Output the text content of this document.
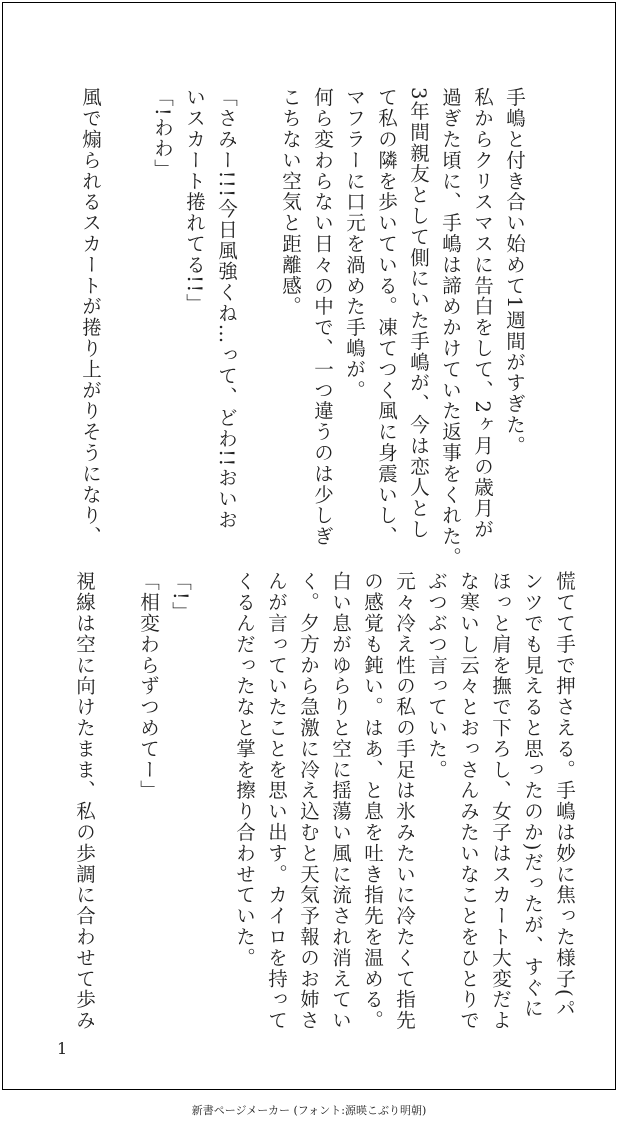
手嶋と付き合い始めて1週間がすぎた。
私からクリスマスに告白をして、2ヶ月の歳月が
過ぎた頃に、手嶋は諦めかけていた返事をくれた。
3年間親友として側にいた手嶋が、今は恋人とし
て私の隣を歩いている。凍てつく風に身震いし、
マフラーに口元を渦めた手嶋が。
何ら変わらない日々の中で、一つ違うのは少しぎ
こちない空気と距離感。
「さみー!!!今日風強くね…って、どわ!!おいお
いスカート捲れてる!!」
「!わわ」
風で煽られるスカートが捲り上がりそうになり、
慌てて手で押さえる。手嶋は妙に焦った様子(パ
ンツでも見えると思ったのか)だったが、すぐに
ほっと肩を撫で下ろし、女子はスカート大変だよ
な寒いし云々とおっさんみたいなことをひとりで
ぶつぶつ言っていた。
元々冷え性の私の手足は氷みたいに冷たくて指先
の感覚も鈍い。はあ、と息を吐き指先を温める。
白い息がゆらりと空に揺蕩い風に流され消えてい
く。夕方から急激に冷え込むと天気予報のお姉さ
んが言っていたことを思い出す。カイロを持って
くるんだったなと掌を擦り合わせていた。
「!」
「相変わらずつめてー」
視線は空に向けたまま、私の歩調に合わせて歩み
1
新書ページメーカー (フォント:源暎こぶり明朝)
